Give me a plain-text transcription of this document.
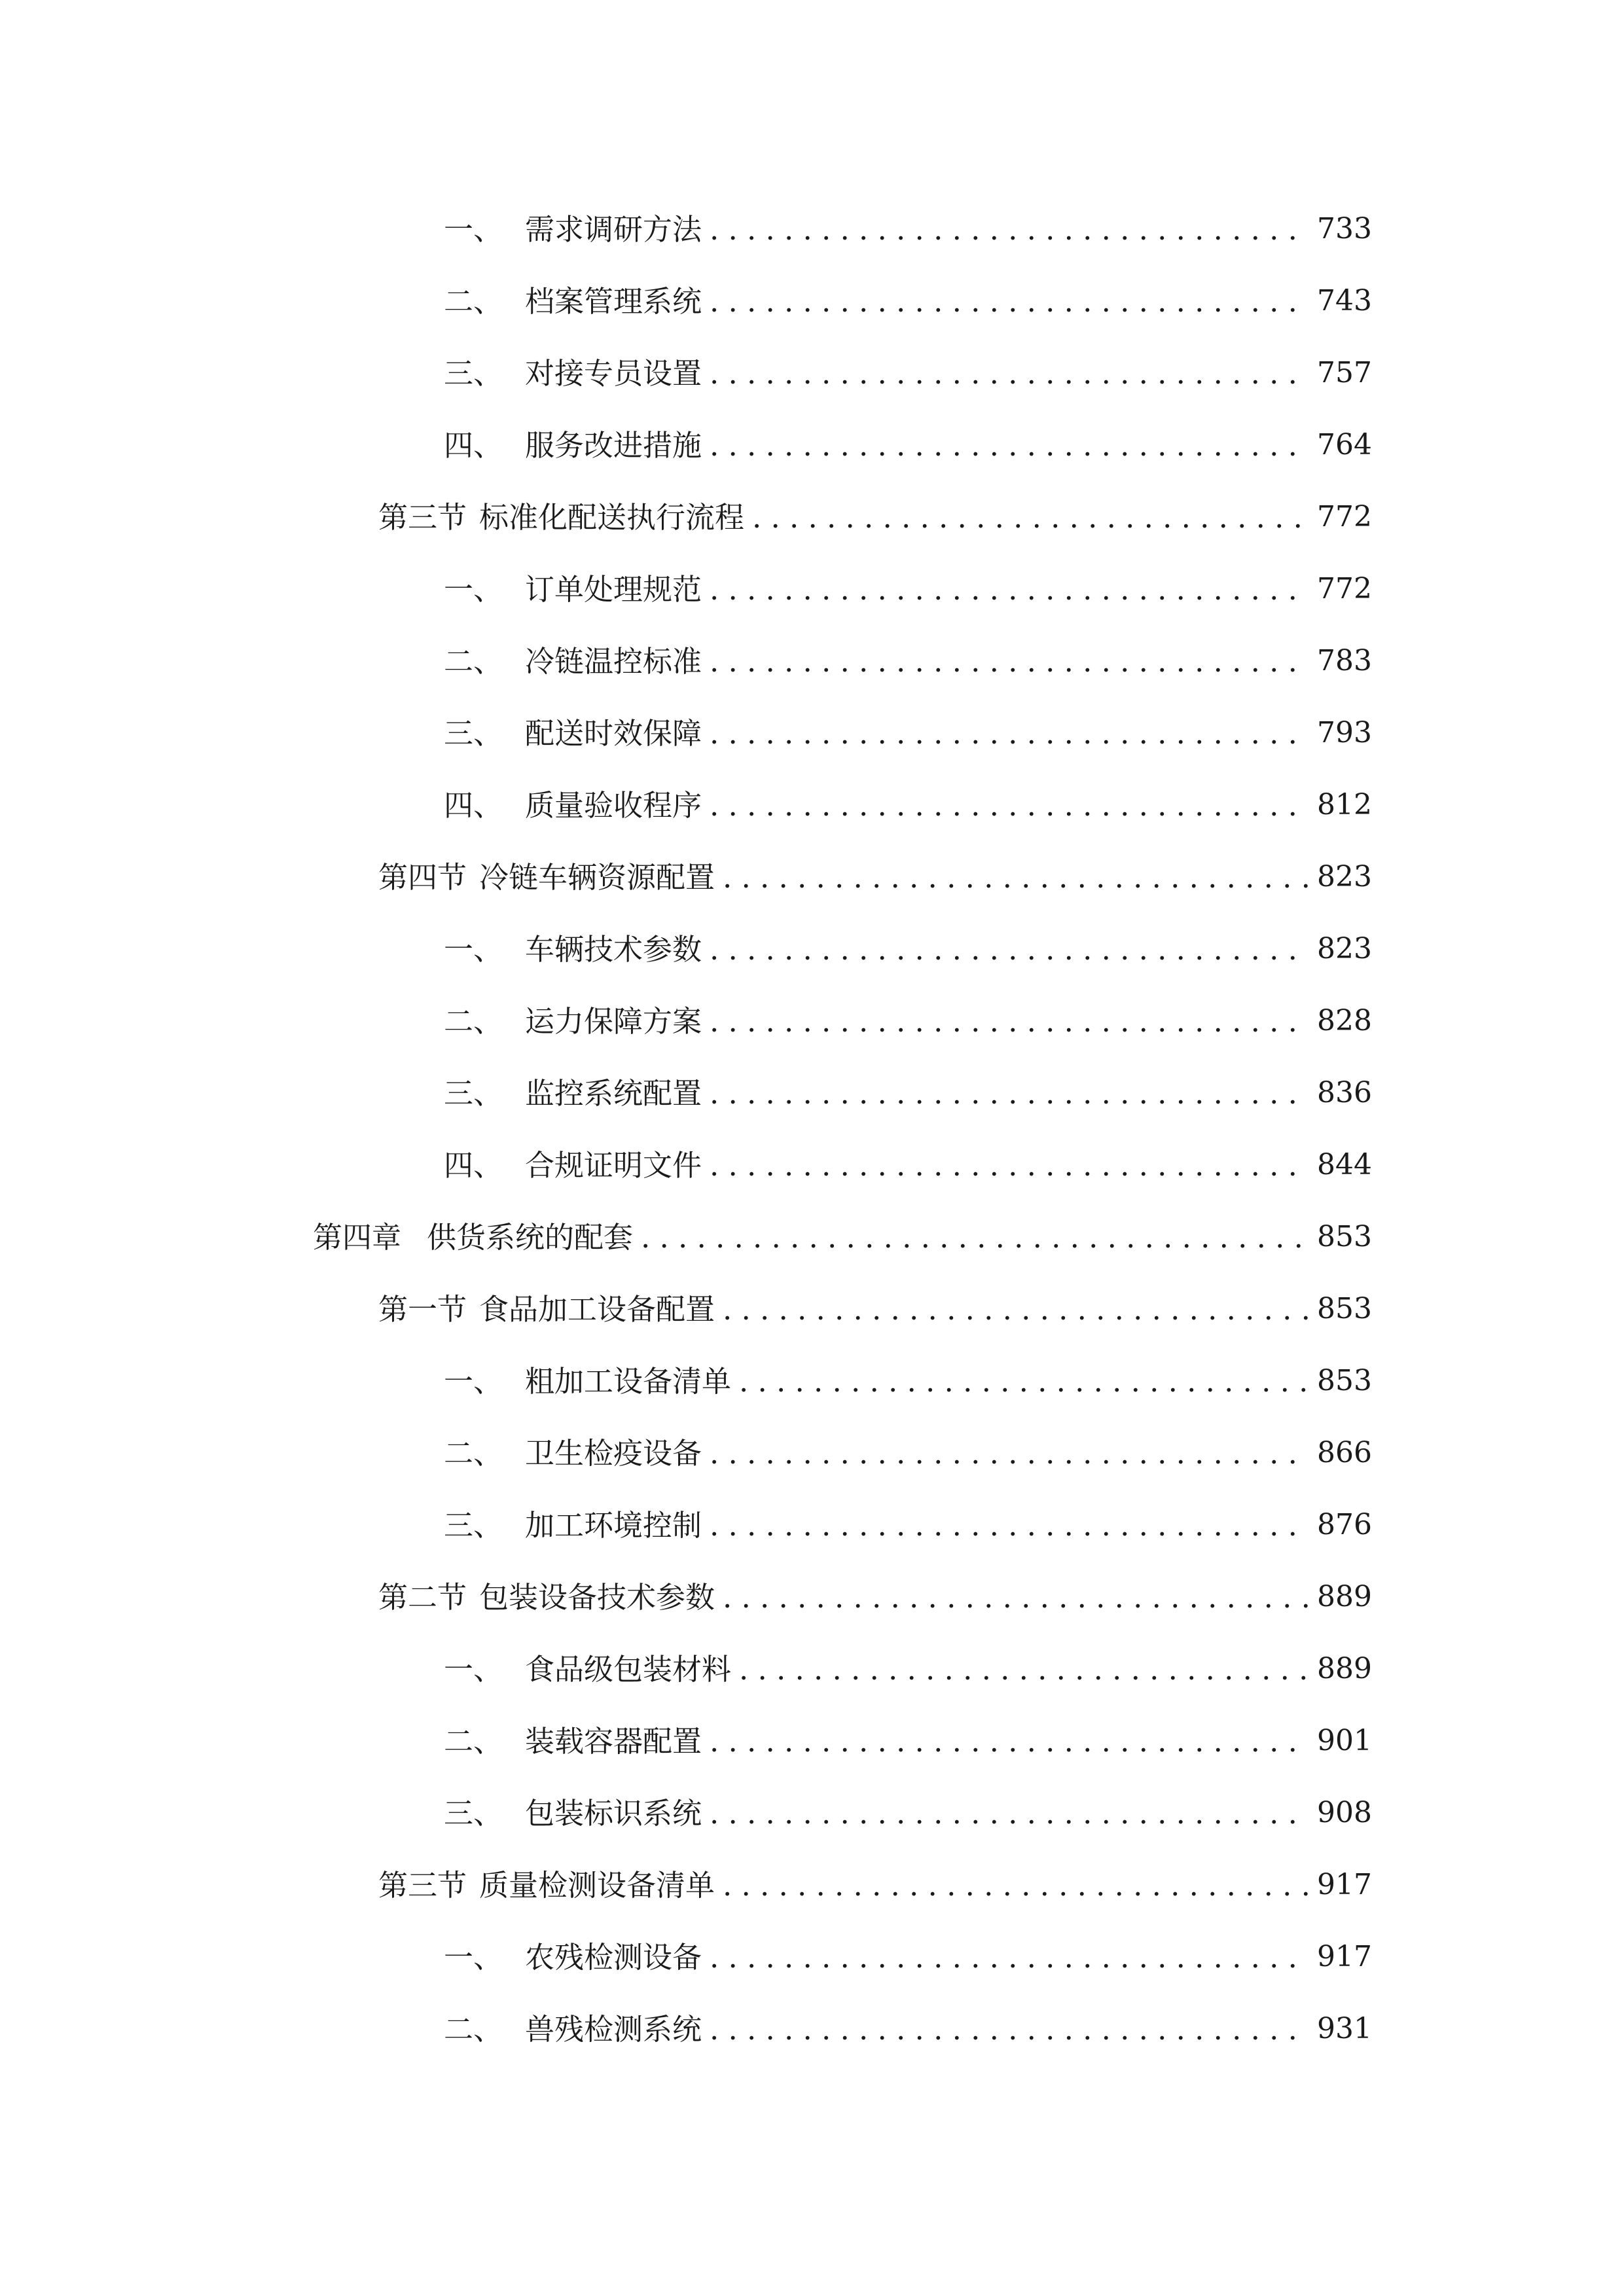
一、 需求调研方法 .....	733
二、 档案管理系统 .....	743
三、 对接专员设置 .....	757
四、 服务改进措施 .....	764
第三节 标准化配送执行流程 .....	772
一、 订单处理规范 .....	772
二、 冷链温控标准 .....	783
三、 配送时效保障 .....	793
四、 质量验收程序 .....	812
第四节 冷链车辆资源配置 .....	823
一、 车辆技术参数 .....	823
二、 运力保障方案 .....	828
三、 监控系统配置 .....	836
四、 合规证明文件 .....	844
第四章 供货系统的配套 .....	853
第一节 食品加工设备配置 .....	853
一、 粗加工设备清单 .....	853
二、 卫生检疫设备 .....	866
三、 加工环境控制 .....	876
第二节 包装设备技术参数 .....	889
一、 食品级包装材料 .....	889
二、 装载容器配置 .....	901
三、 包装标识系统 .....	908
第三节 质量检测设备清单 .....	917
一、 农残检测设备 .....	917
二、 兽残检测系统 .....	931
